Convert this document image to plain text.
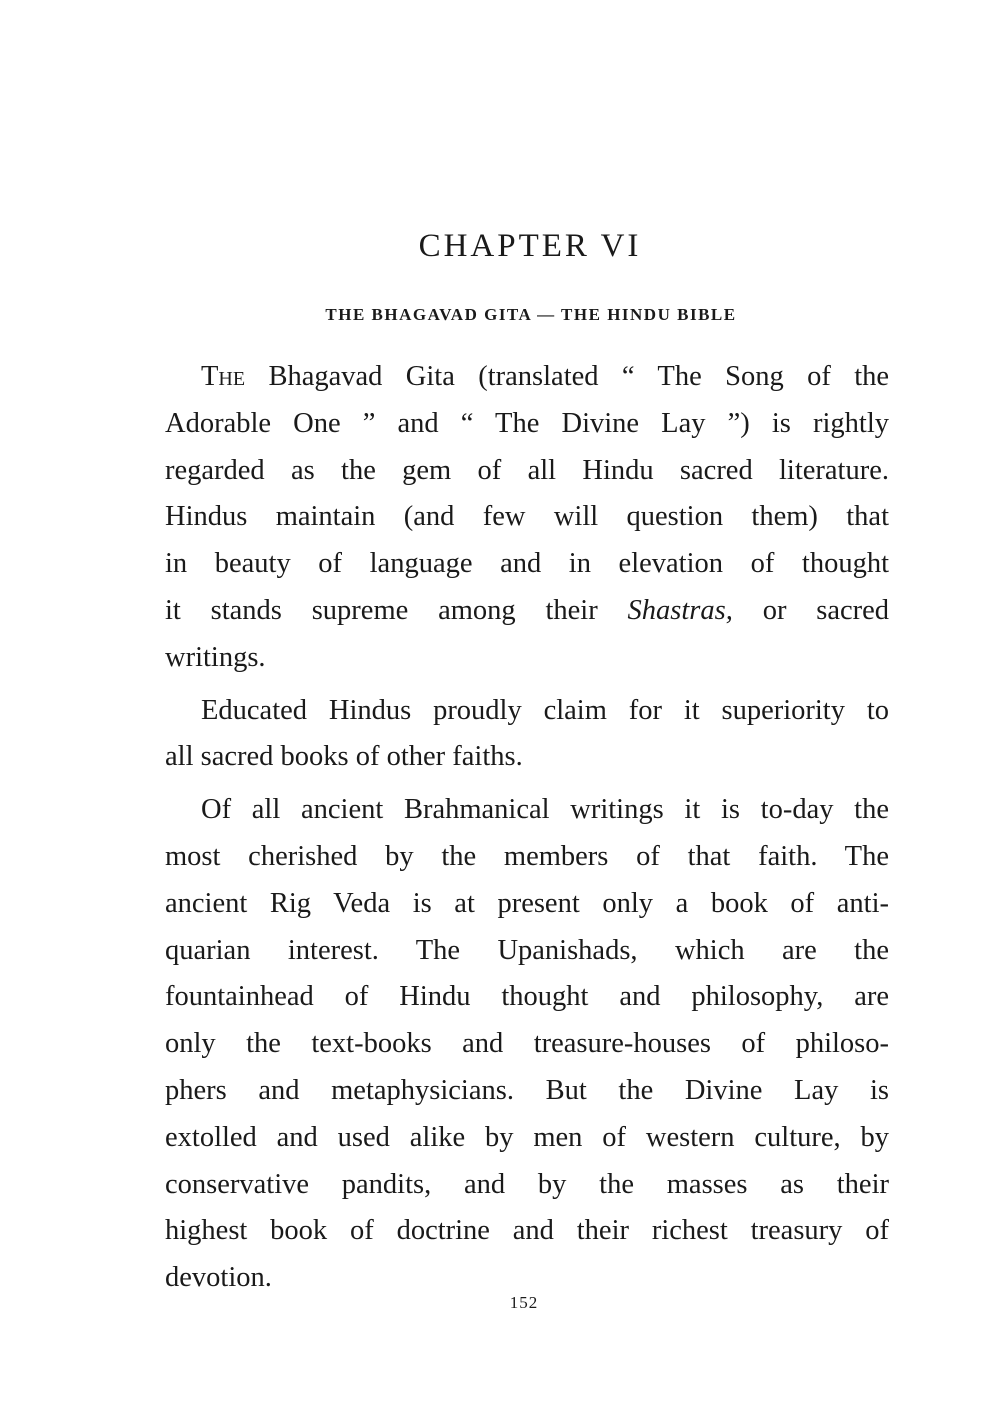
CHAPTER VI
THE BHAGAVAD GITA — THE HINDU BIBLE

The Bhagavad Gita (translated “ The Song of the
Adorable One ” and “ The Divine Lay ”) is rightly
regarded as the gem of all Hindu sacred literature.
Hindus maintain (and few will question them) that
in beauty of language and in elevation of thought
it stands supreme among their Shastras, or sacred
writings.

Educated Hindus proudly claim for it superiority to
all sacred books of other faiths.

Of all ancient Brahmanical writings it is to-day the
most cherished by the members of that faith. The
ancient Rig Veda is at present only a book of anti-
quarian interest. The Upanishads, which are the
fountainhead of Hindu thought and philosophy, are
only the text-books and treasure-houses of philoso-
phers and metaphysicians. But the Divine Lay is
extolled and used alike by men of western culture, by
conservative pandits, and by the masses as their
highest book of doctrine and their richest treasury of
devotion.

152
